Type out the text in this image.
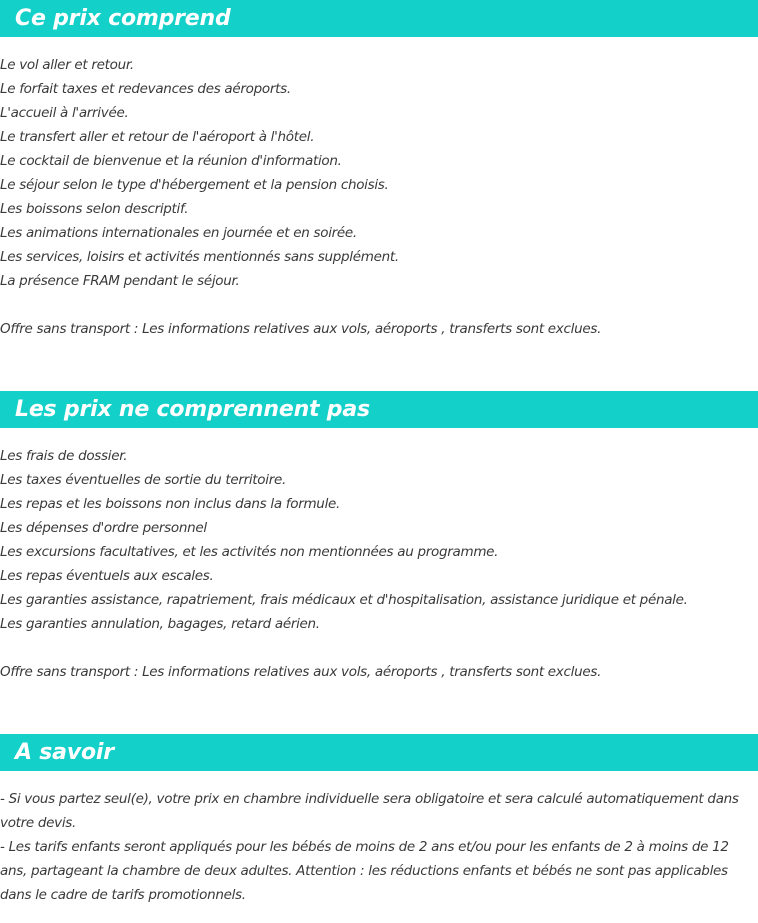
Ce prix comprend
Le vol aller et retour.
Le forfait taxes et redevances des aéroports.
L'accueil à l'arrivée.
Le transfert aller et retour de l'aéroport à l'hôtel.
Le cocktail de bienvenue et la réunion d'information.
Le séjour selon le type d'hébergement et la pension choisis.
Les boissons selon descriptif.
Les animations internationales en journée et en soirée.
Les services, loisirs et activités mentionnés sans supplément.
La présence FRAM pendant le séjour.
Offre sans transport : Les informations relatives aux vols, aéroports , transferts sont exclues.
Les prix ne comprennent pas
Les frais de dossier.
Les taxes éventuelles de sortie du territoire.
Les repas et les boissons non inclus dans la formule.
Les dépenses d'ordre personnel
Les excursions facultatives, et les activités non mentionnées au programme.
Les repas éventuels aux escales.
Les garanties assistance, rapatriement, frais médicaux et d'hospitalisation, assistance juridique et pénale.
Les garanties annulation, bagages, retard aérien.
Offre sans transport : Les informations relatives aux vols, aéroports , transferts sont exclues.
A savoir
- Si vous partez seul(e), votre prix en chambre individuelle sera obligatoire et sera calculé automatiquement dans votre devis.
- Les tarifs enfants seront appliqués pour les bébés de moins de 2 ans et/ou pour les enfants de 2 à moins de 12 ans, partageant la chambre de deux adultes. Attention : les réductions enfants et bébés ne sont pas applicables dans le cadre de tarifs promotionnels.
